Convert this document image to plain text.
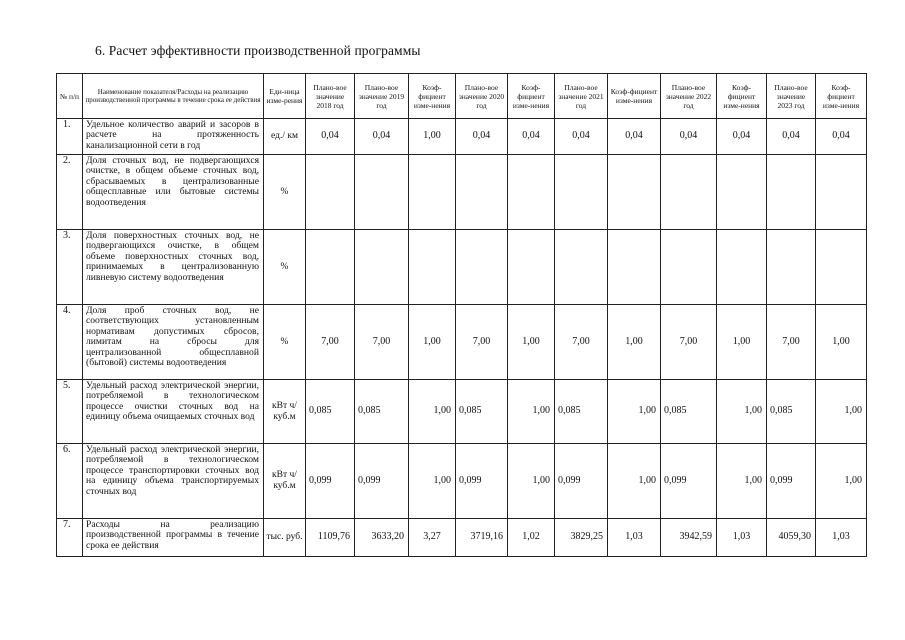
6. Расчет эффективности производственной программы
№ п/п	Наименование показателя/Расходы на реализацию производственной программы в течение срока ее действия	Еди-ница изме-рения	Плано-вое значение 2018 год	Плано-вое значение 2019 год	Коэф-фициент изме-нения	Плано-вое значение 2020 год	Коэф-фициент изме-нения	Плано-вое значение 2021 год	Коэф-фициент изме-нения	Плано-вое значение 2022 год	Коэф-фициент изме-нения	Плано-вое значение 2023 год	Коэф-фициент изме-нения
1.	Удельное количество аварий и засоров в расчете на протяженность канализационной сети в год	ед./ км	0,04	0,04	1,00	0,04	0,04	0,04	0,04	0,04	0,04	0,04	0,04
2.	Доля сточных вод, не подвергающихся очистке, в общем объеме сточных вод, сбрасываемых в централизованные общесплавные или бытовые системы водоотведения	%											
3.	Доля поверхностных сточных вод, не подвергающихся очистке, в общем объеме поверхностных сточных вод, принимаемых в централизованную ливневую систему водоотведения	%											
4.	Доля проб сточных вод, не соответствующих установленным нормативам допустимых сбросов, лимитам на сбросы для централизованной общесплавной (бытовой) системы водоотведения	%	7,00	7,00	1,00	7,00	1,00	7,00	1,00	7,00	1,00	7,00	1,00
5.	Удельный расход электрической энергии, потребляемой в технологическом процессе очистки сточных вод на единицу объема очищаемых сточных вод	кВт ч/куб.м	0,085	0,085	1,00	0,085	1,00	0,085	1,00	0,085	1,00	0,085	1,00
6.	Удельный расход электрической энергии, потребляемой в технологическом процессе транспортировки сточных вод на единицу объема транспортируемых сточных вод	кВт ч/куб.м	0,099	0,099	1,00	0,099	1,00	0,099	1,00	0,099	1,00	0,099	1,00
7.	Расходы на реализацию производственной программы в течение срока ее действия	тыс. руб.	1109,76	3633,20	3,27	3719,16	1,02	3829,25	1,03	3942,59	1,03	4059,30	1,03
